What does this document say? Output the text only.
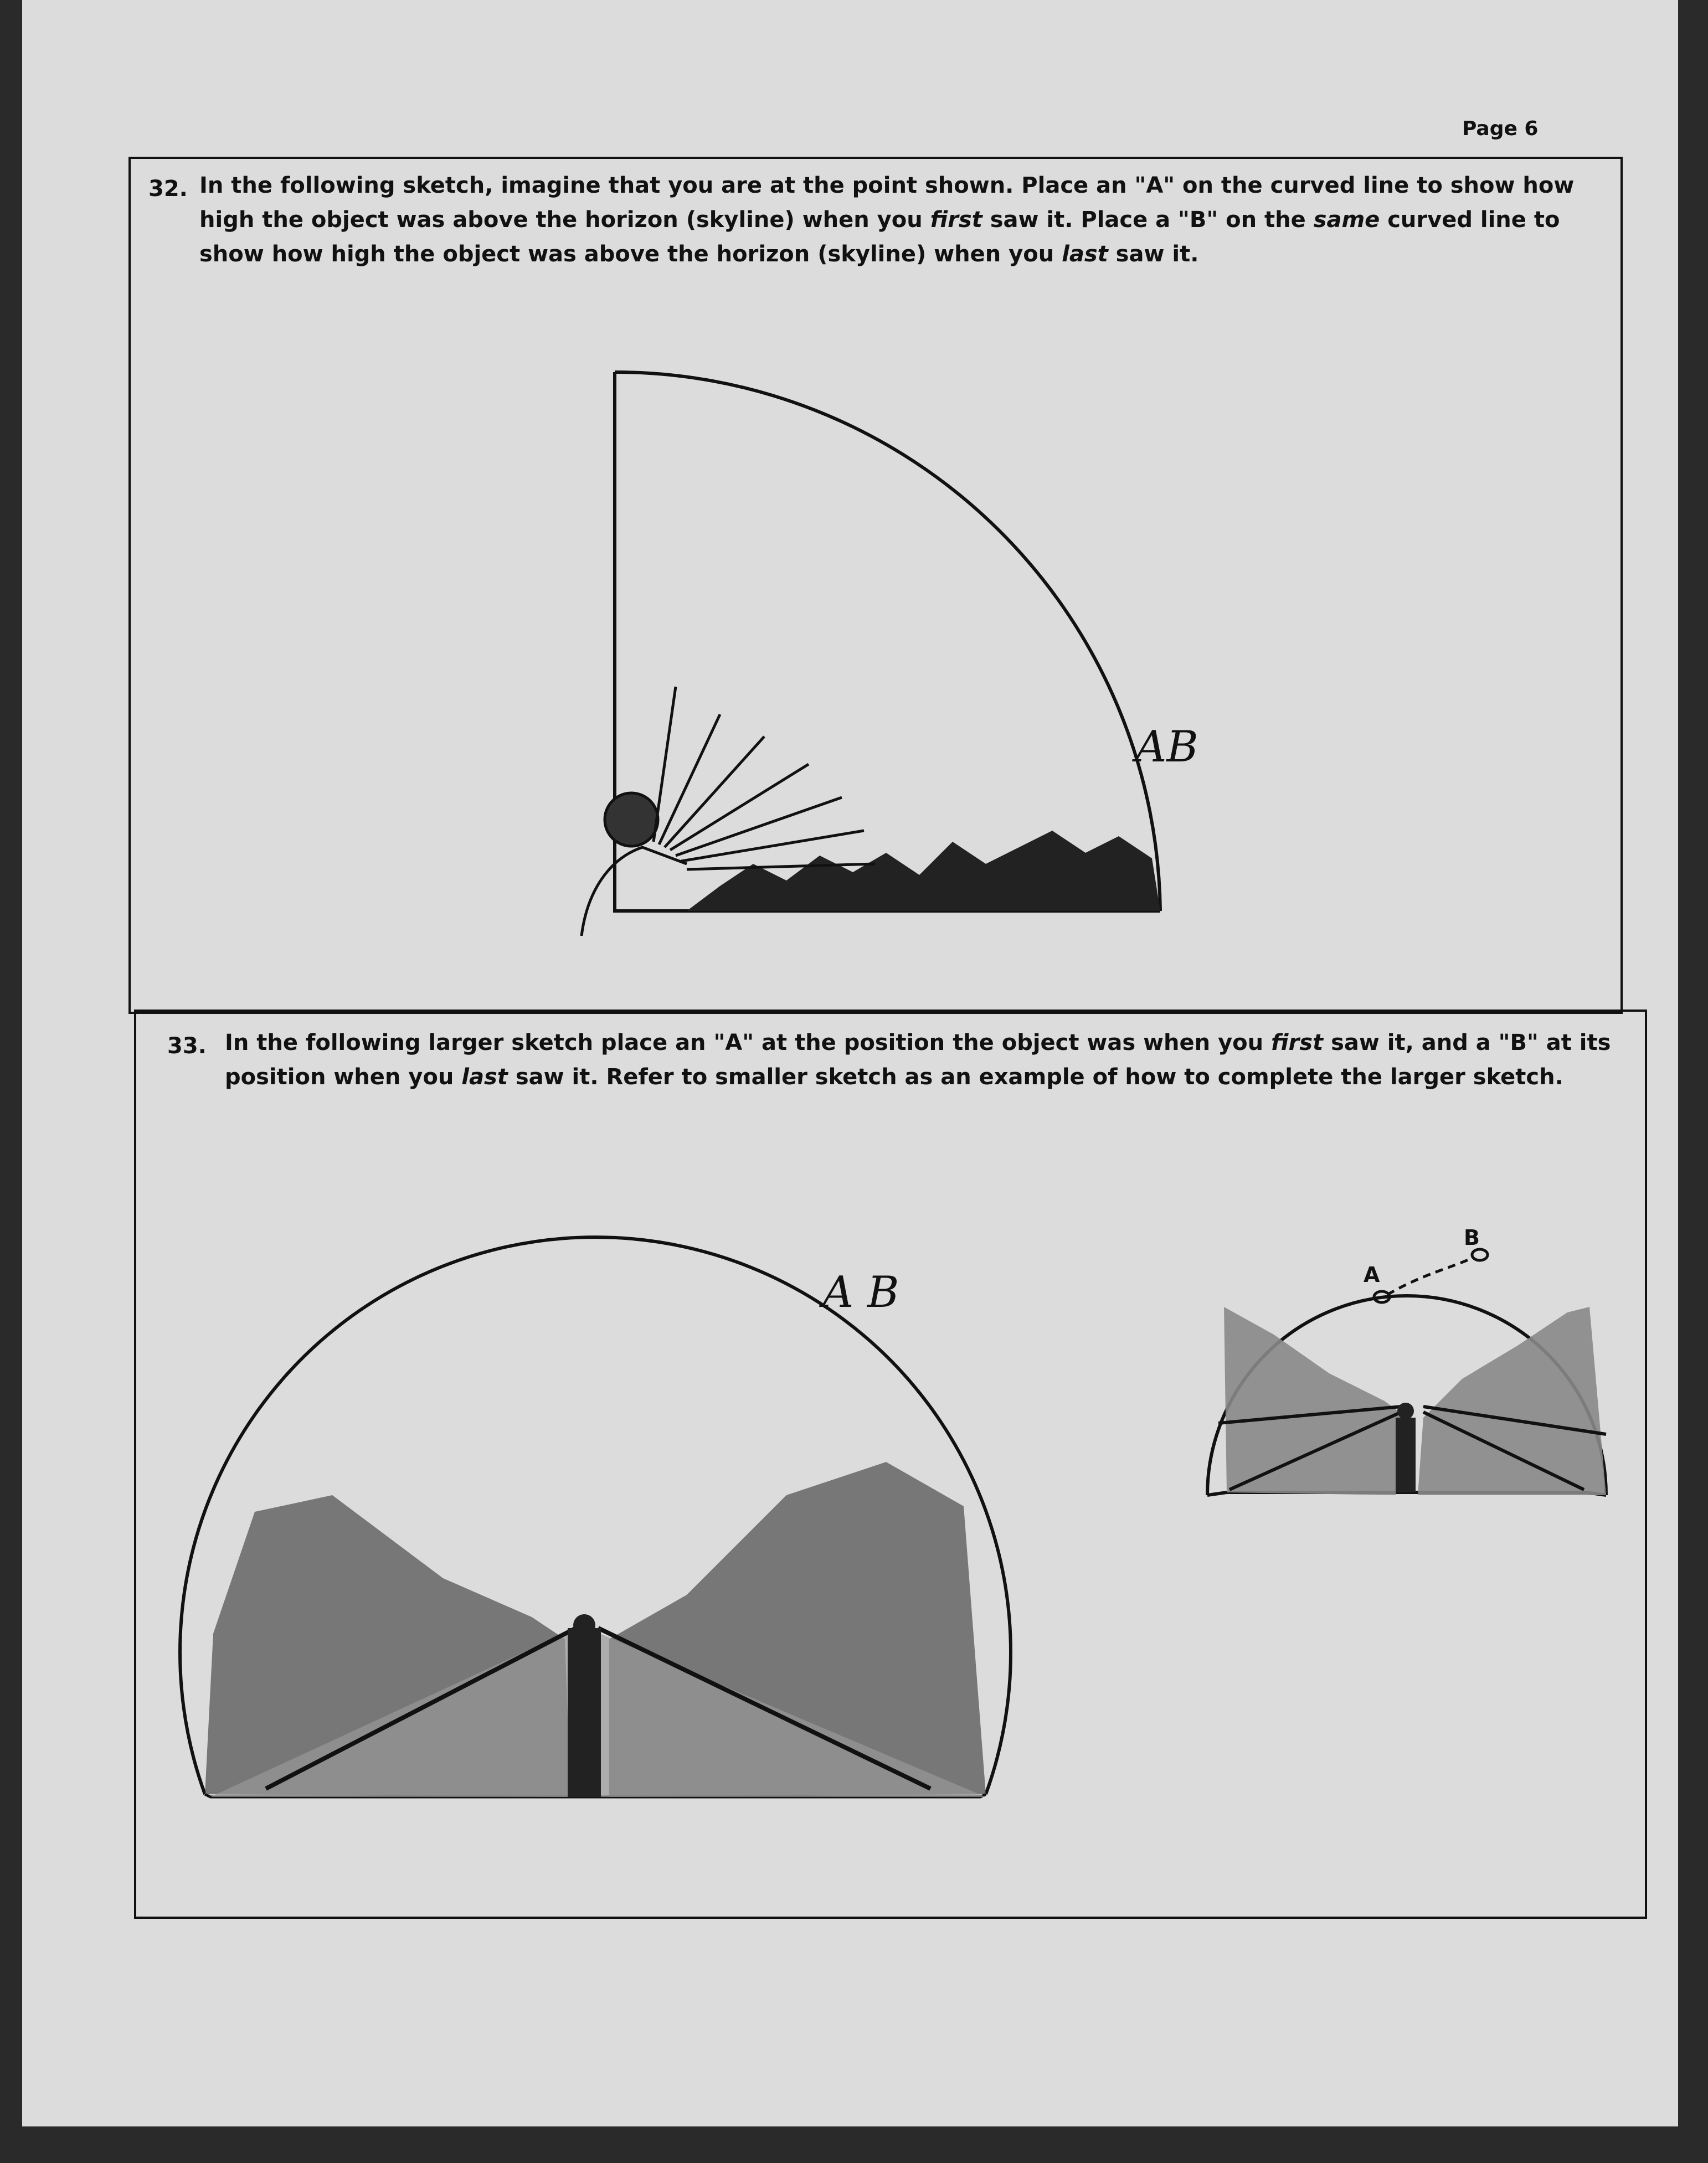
Page 6
32. In the following sketch, imagine that you are at the point shown. Place an "A" on the curved line to show how high the object was above the horizon (skyline) when you first saw it. Place a "B" on the same curved line to show how high the object was above the horizon (skyline) when you last saw it.
AB
A B	A
B
33. In the following larger sketch place an "A" at the position the object was when you first saw it, and a "B" at its position when you last saw it. Refer to smaller sketch as an example of how to complete the larger sketch.
